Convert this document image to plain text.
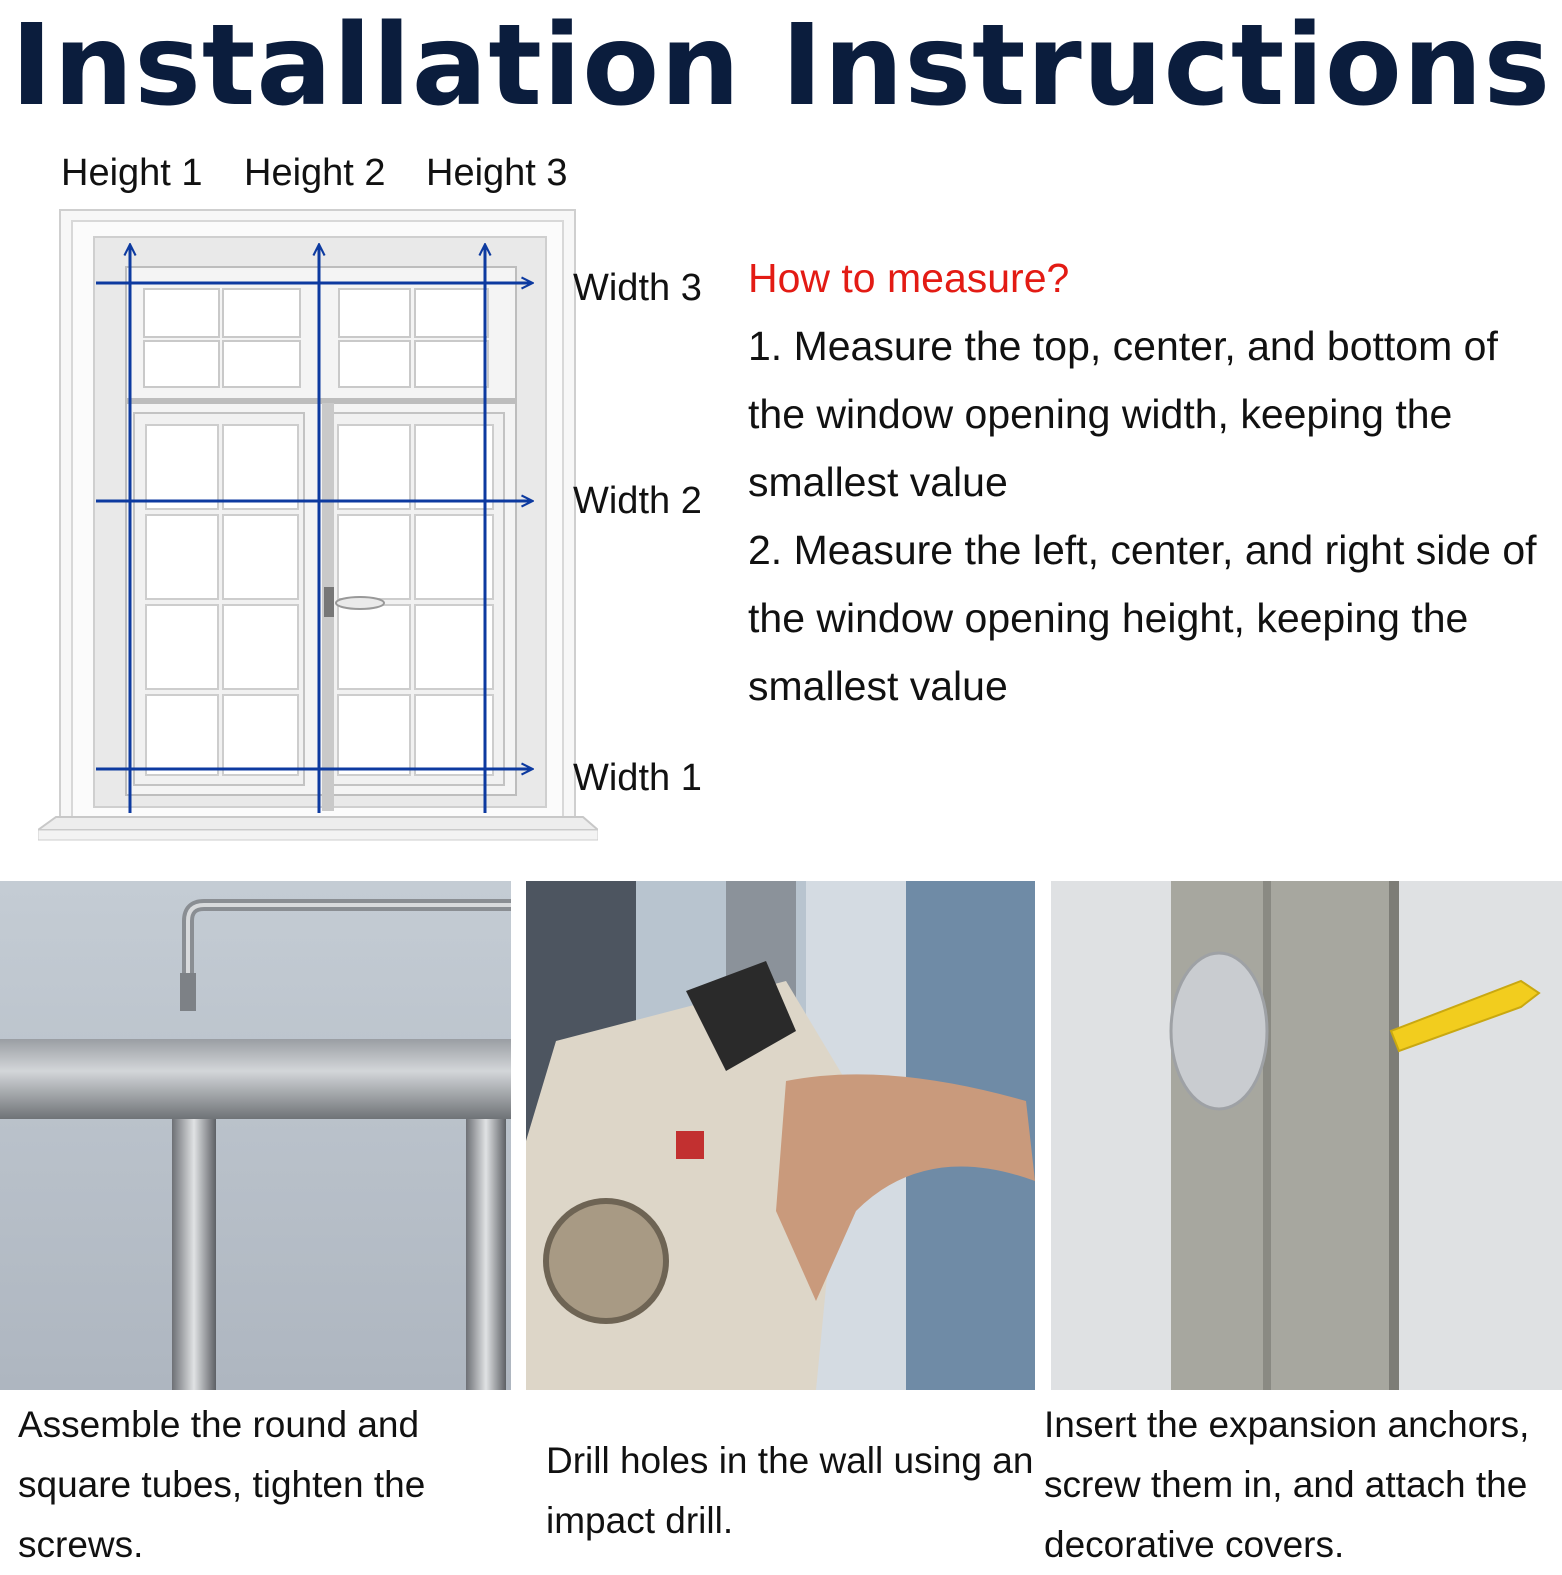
Installation Instructions
Height 1 Height 2 Height 3
Width 3
Width 2
Width 1
How to measure?
1. Measure the top, center, and bottom of the window opening width, keeping the smallest value
2. Measure the left, center, and right side of the window opening height, keeping the smallest value
Assemble the round and square tubes, tighten the screws.
Drill holes in the wall using an impact drill.
Insert the expansion anchors, screw them in, and attach the decorative covers.
